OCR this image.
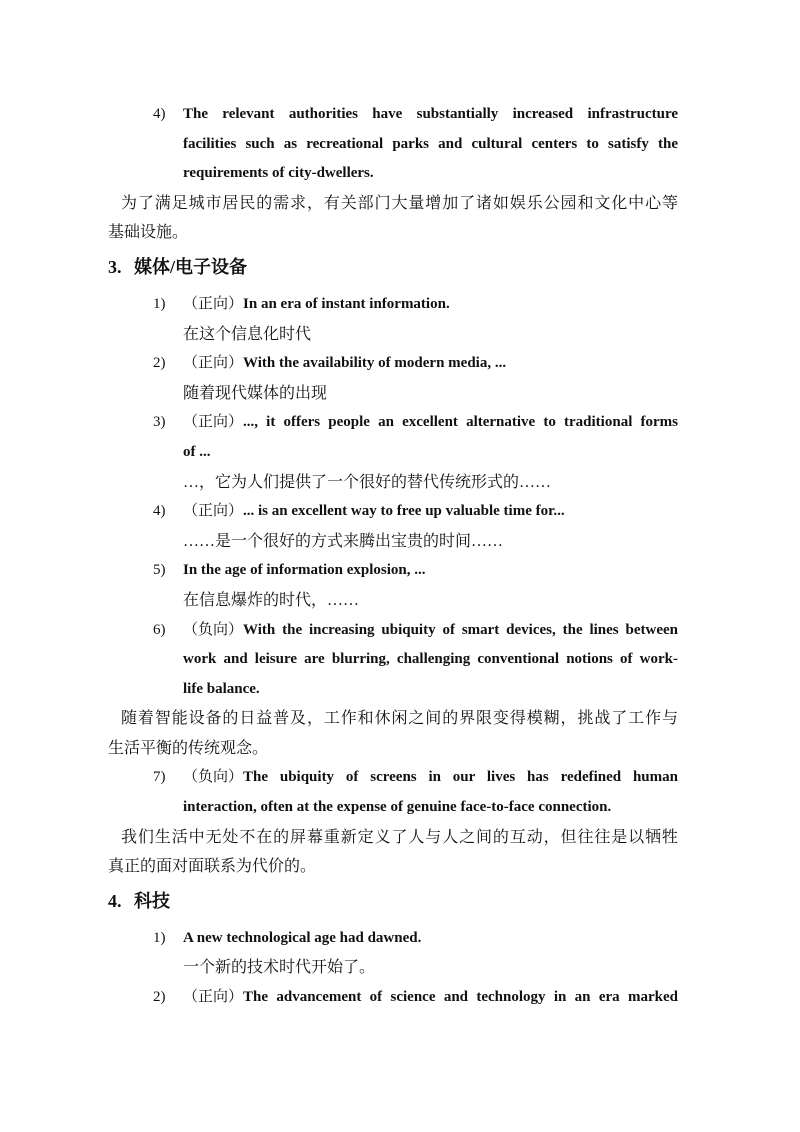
4) The relevant authorities have substantially increased infrastructure
facilities such as recreational parks and cultural centers to satisfy the
requirements of city-dwellers.
为了满足城市居民的需求，有关部门大量增加了诸如娱乐公园和文化中心等
基础设施。
3. 媒体/电子设备
1) （正向）In an era of instant information.
在这个信息化时代
2) （正向）With the availability of modern media, ...
随着现代媒体的出现
3) （正向）..., it offers people an excellent alternative to traditional forms
of ...
…，它为人们提供了一个很好的替代传统形式的……
4) （正向）... is an excellent way to free up valuable time for...
……是一个很好的方式来腾出宝贵的时间……
5) In the age of information explosion, ...
在信息爆炸的时代，……
6) （负向）With the increasing ubiquity of smart devices, the lines between
work and leisure are blurring, challenging conventional notions of work-
life balance.
随着智能设备的日益普及，工作和休闲之间的界限变得模糊，挑战了工作与
生活平衡的传统观念。
7) （负向）The ubiquity of screens in our lives has redefined human
interaction, often at the expense of genuine face-to-face connection.
我们生活中无处不在的屏幕重新定义了人与人之间的互动，但往往是以牺牲
真正的面对面联系为代价的。
4. 科技
1) A new technological age had dawned.
一个新的技术时代开始了。
2) （正向）The advancement of science and technology in an era marked
